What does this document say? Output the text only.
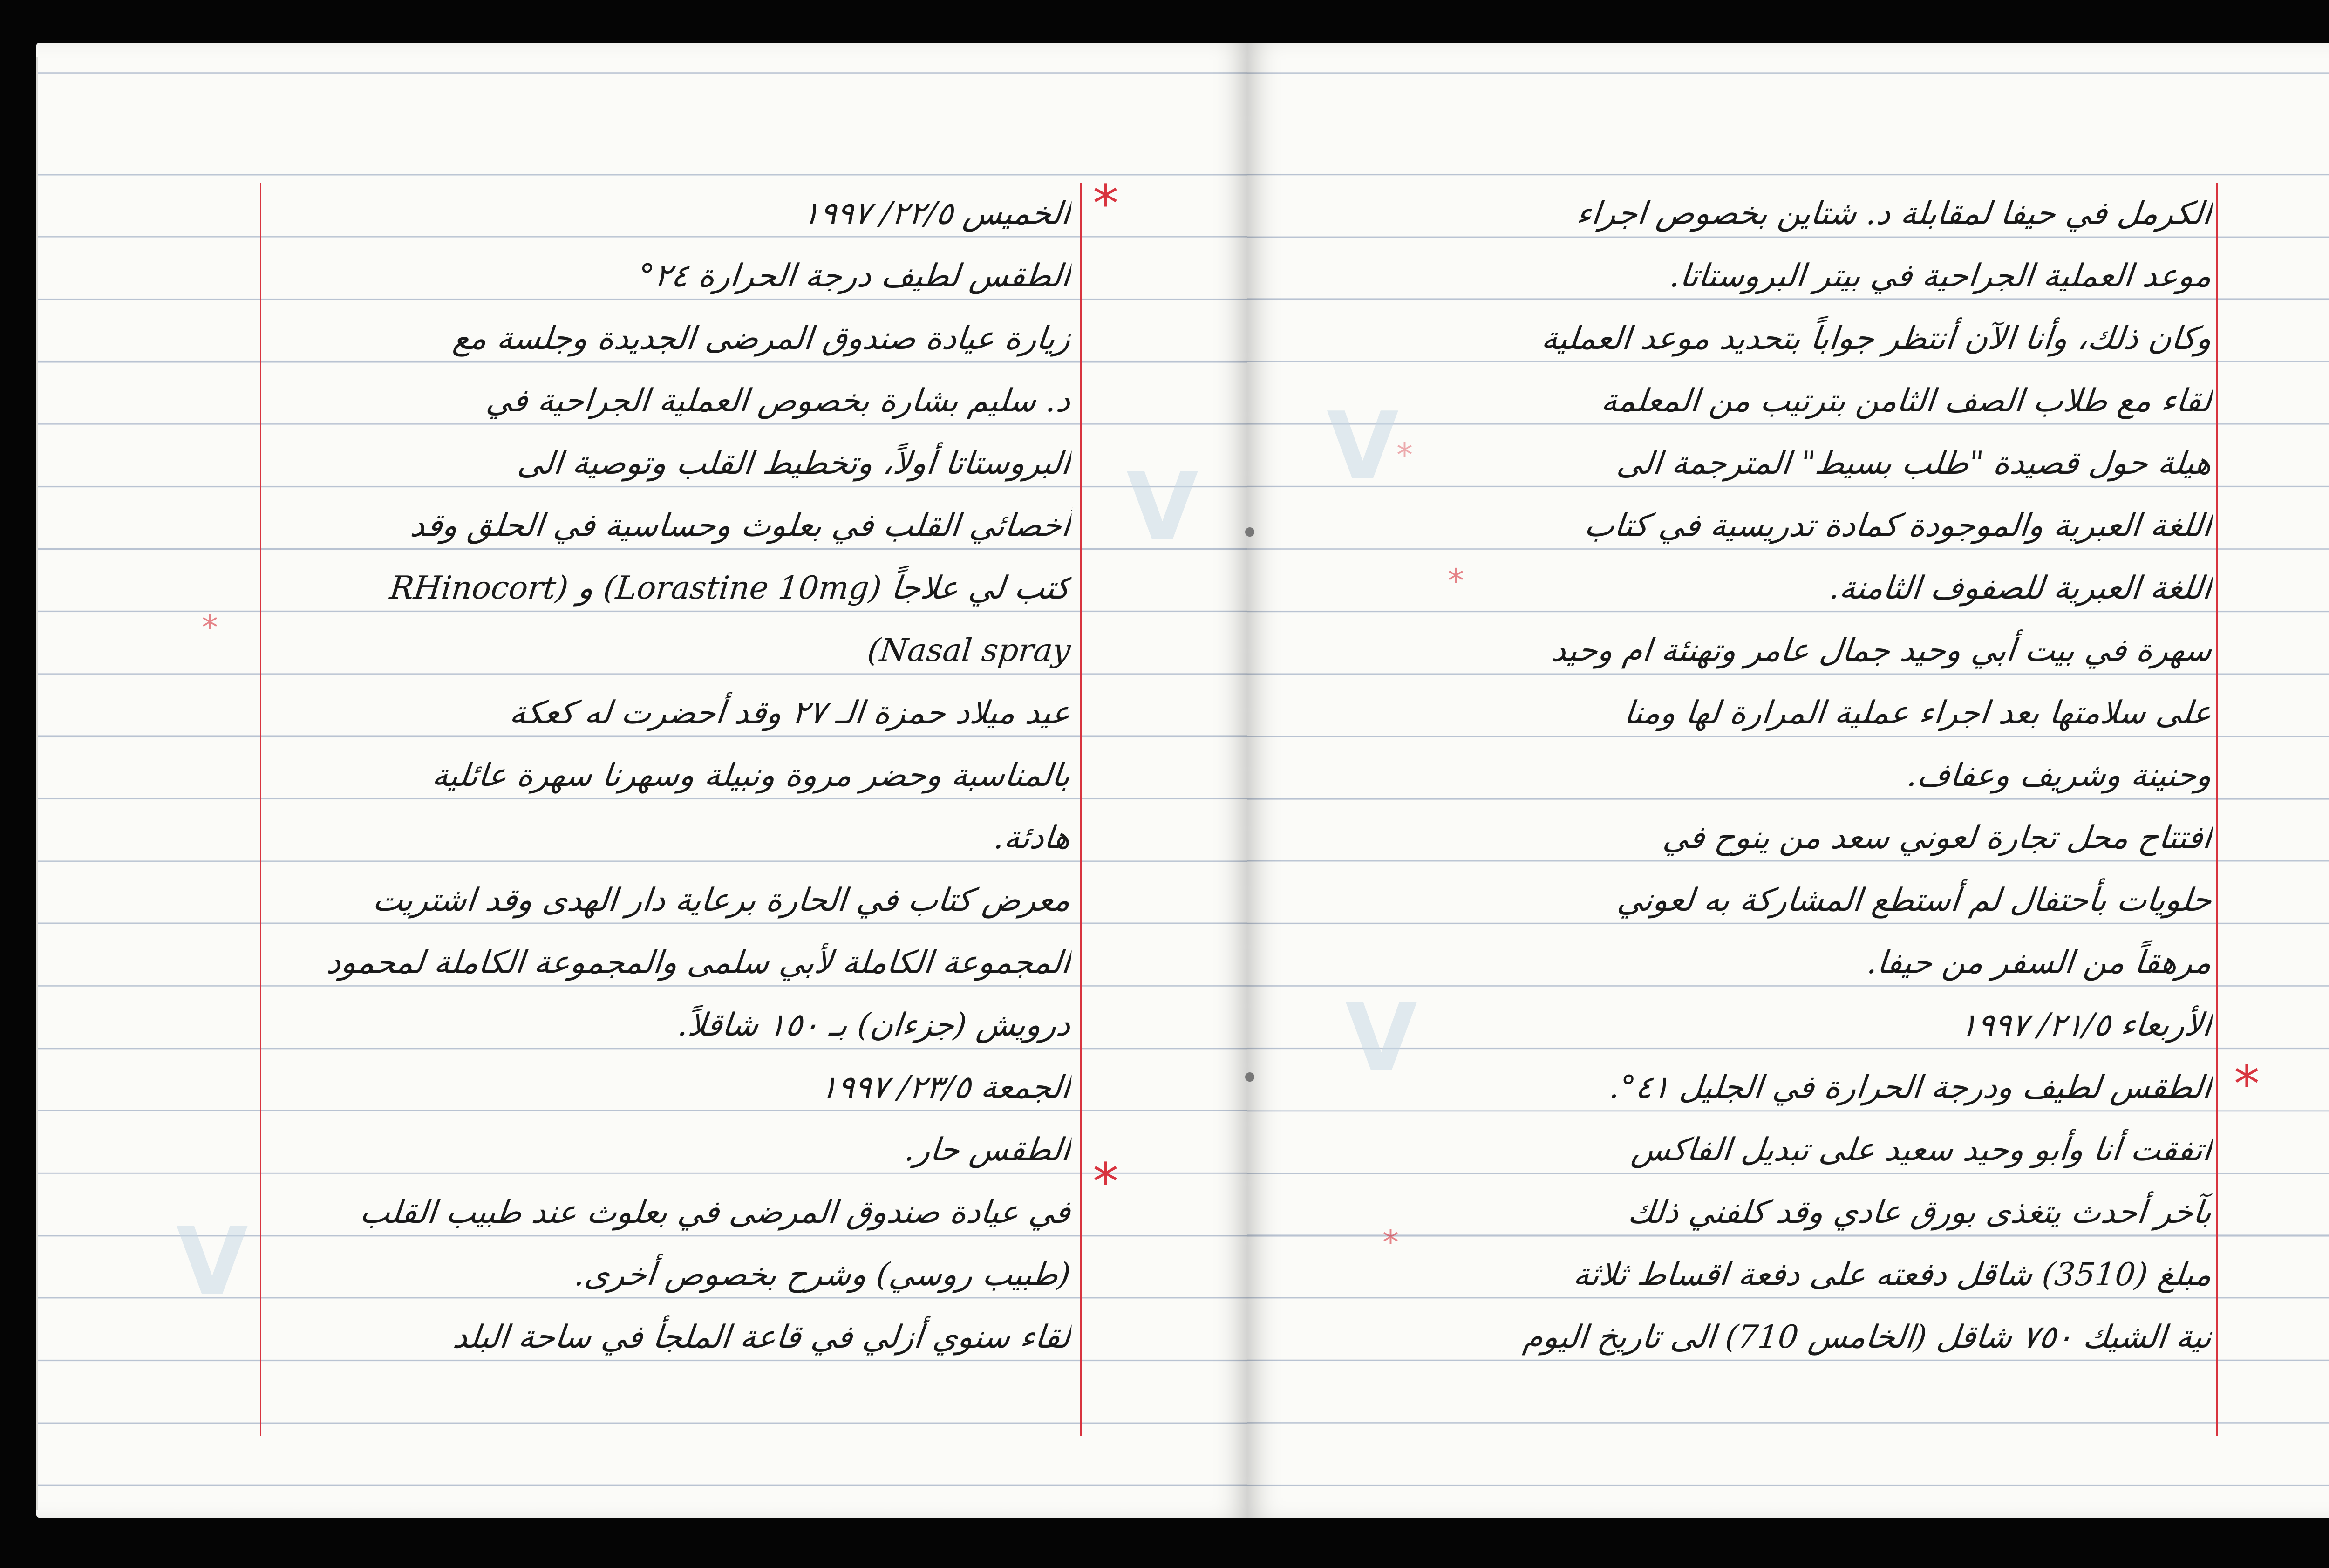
*
*
*
V
V
الخميس ٢٢/٥/ ١٩٩٧
الطقس لطيف درجة الحرارة ٢٤°
زيارة عيادة صندوق المرضى الجديدة وجلسة مع
د. سليم بشارة بخصوص العملية الجراحية في
البروستاتا أولاً، وتخطيط القلب وتوصية الى
أخصائي القلب في بعلوث وحساسية في الحلق وقد
كتب لي علاجاً (Lorastine 10mg) و (RHinocort
Nasal spray)
عيد ميلاد حمزة الـ ٢٧ وقد أحضرت له كعكة
بالمناسبة وحضر مروة ونبيلة وسهرنا سهرة عائلية
هادئة.
معرض كتاب في الحارة برعاية دار الهدى وقد اشتريت
المجموعة الكاملة لأبي سلمى والمجموعة الكاملة لمحمود
درويش (جزءان) بـ ١٥٠ شاقلاً.
الجمعة ٢٣/٥/ ١٩٩٧
الطقس حار.
في عيادة صندوق المرضى في بعلوث عند طبيب القلب
(طبيب روسي) وشرح بخصوص أخرى.
لقاء سنوي أزلي في قاعة الملجأ في ساحة البلد
*
*
*
*
V
V
الكرمل في حيفا لمقابلة د. شتاين بخصوص اجراء
موعد العملية الجراحية في بيتر البروستاتا.
وكان ذلك، وأنا الآن أنتظر جواباً بتحديد موعد العملية
لقاء مع طلاب الصف الثامن بترتيب من المعلمة
هيلة حول قصيدة "طلب بسيط" المترجمة الى
اللغة العبرية والموجودة كمادة تدريسية في كتاب
اللغة العبرية للصفوف الثامنة.
سهرة في بيت أبي وحيد جمال عامر وتهنئة ام وحيد
على سلامتها بعد اجراء عملية المرارة لها ومنا
وحنينة وشريف وعفاف.
افتتاح محل تجارة لعوني سعد من ينوح في
حلويات بأحتفال لم أستطع المشاركة به لعوني
مرهقاً من السفر من حيفا.
الأربعاء ٢١/٥/ ١٩٩٧
الطقس لطيف ودرجة الحرارة في الجليل ٤١°.
اتفقت أنا وأبو وحيد سعيد على تبديل الفاكس
بآخر أحدث يتغذى بورق عادي وقد كلفني ذلك
مبلغ (3510) شاقل دفعته على دفعة اقساط ثلاثة
نية الشيك ٧٥٠ شاقل (الخامس 710) الى تاريخ اليوم
